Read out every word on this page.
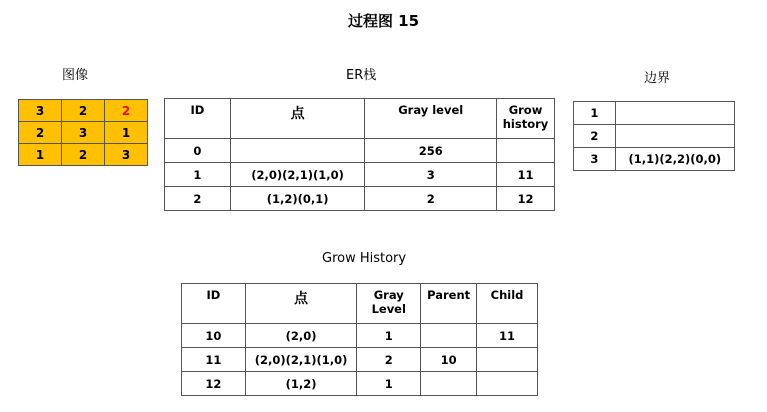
过程图 15
图像
3	2	2
2	3	1
1	2	3
ER栈
ID	点	Gray level	Grow history
0		256	
1	(2,0)(2,1)(1,0)	3	11
2	(1,2)(0,1)	2	12
边界
1	
2	
3	(1,1)(2,2)(0,0)
Grow History
ID	点	Gray Level	Parent	Child
10	(2,0)	1		11
11	(2,0)(2,1)(1,0)	2	10	
12	(1,2)	1		
